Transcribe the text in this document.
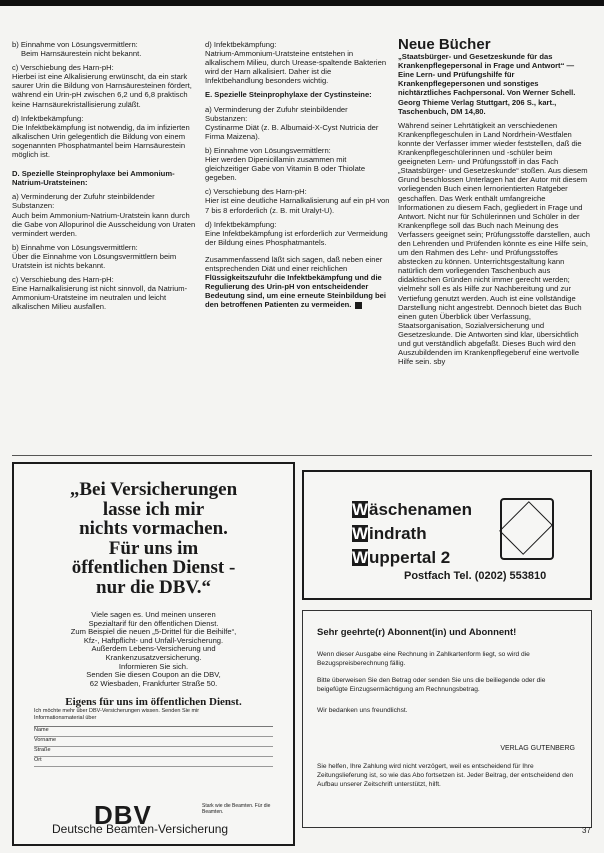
b) Einnahme von Lösungsvermittlern:
Beim Harnsäurestein nicht bekannt.

c) Verschiebung des Harn-pH:
Hierbei ist eine Alkalisierung erwünscht, da ein stark saurer Urin die Bildung von Harnsäuresteinen fördert, während ein Urin-pH zwischen 6,2 und 6,8 praktisch keine Harnsäurekristallisierung zuläßt.

d) Infektbekämpfung:
Die Infektbekämpfung ist notwendig, da im infizierten alkalischen Urin gelegentlich die Bildung von einem sogenannten Phosphatmantel beim Harnsäurestein möglich ist.

D. Spezielle Steinprophylaxe bei Ammonium-Natrium-Uratsteinen:

a) Verminderung der Zufuhr steinbildender Substanzen:
Auch beim Ammonium-Natrium-Uratstein kann durch die Gabe von Allopurinol die Ausscheidung von Uraten vermindert werden.

b) Einnahme von Lösungsvermittlern:
Über die Einnahme von Lösungsvermittlern beim Uratstein ist nichts bekannt.

c) Verschiebung des Harn-pH:
Eine Harnalkalisierung ist nicht sinnvoll, da Natrium-Ammonium-Uratsteine im neutralen und leicht alkalischen Milieu ausfallen.

d) Infektbekämpfung:
Natrium-Ammonium-Uratsteine entstehen in alkalischem Milieu, durch Urease-spaltende Bakterien wird der Harn alkalisiert. Daher ist die Infektbehandlung besonders wichtig.

E. Spezielle Steinprophylaxe der Cystinsteine:

a) Verminderung der Zufuhr steinbildender Substanzen:
Cystinarme Diät (z. B. Albumaid-X-Cyst Nutricia der Firma Maizena).

b) Einnahme von Lösungsvermittlern:
Hier werden Dipenicillamin zusammen mit gleichzeitiger Gabe von Vitamin B oder Thiolate gegeben.

c) Verschiebung des Harn-pH:
Hier ist eine deutliche Harnalkalisierung auf ein pH von 7 bis 8 erforderlich (z. B. mit Uralyt-U).

d) Infektbekämpfung:
Eine Infektbekämpfung ist erforderlich zur Vermeidung der Bildung eines Phosphatmantels.

Zusammenfassend läßt sich sagen, daß neben einer entsprechenden Diät und einer reichlichen Flüssigkeitszufuhr die Infektbekämpfung und die Regulierung des Urin-pH von entscheidender Bedeutung sind, um eine erneute Steinbildung bei den betroffenen Patienten zu vermeiden.

Neue Bücher

„Staatsbürger- und Gesetzeskunde für das Krankenpflegepersonal in Frage und Antwort“ — Eine Lern- und Prüfungshilfe für Krankenpflegepersonen und sonstiges nichtärztliches Fachpersonal. Von Werner Schell. Georg Thieme Verlag Stuttgart, 206 S., kart., Taschenbuch, DM 14,80.

Während seiner Lehrtätigkeit an verschiedenen Krankenpflegeschulen in Land Nordrhein-Westfalen konnte der Verfasser immer wieder feststellen, daß die Krankenpflegeschülerinnen und -schüler beim geeigneten Lern- und Prüfungsstoff in das Fach „Staatsbürger- und Gesetzeskunde“ stoßen. Aus diesem Grund beschlossen Unterlagen hat der Autor mit diesem vorliegenden Buch einen lernorientierten Ratgeber geschaffen. Das Werk enthält umfangreiche Informationen zu diesem Fach, gegliedert in Frage und Antwort. Nicht nur für Schülerinnen und Schüler in der Krankenpflege soll das Buch nach Meinung des Verfassers geeignet sein; Prüfungsstoffe darstellen, auch den Lehrenden und Prüfenden könnte es eine Hilfe sein, um den Rahmen des Lehr- und Prüfungsstoffes abstecken zu können. Unterrichtsgestaltung kann natürlich dem vorliegenden Taschenbuch aus didaktischen Gründen nicht immer gerecht werden; vielmehr soll es als Hilfe zur Nachbereitung und zur Vertiefung genutzt werden. Auch ist eine vollständige Darstellung nicht angestrebt. Dennoch bietet das Buch einen guten Überblick über Verfassung, Staatsorganisation, Sozialversicherung und Gesetzeskunde. Die Antworten sind klar, übersichtlich und gut verständlich abgefaßt. Dieses Buch wird den Auszubildenden im Krankenpflegeberuf eine wertvolle Hilfe sein. sby

„Bei Versicherungen
lasse ich mir
nichts vormachen.
Für uns im
öffentlichen Dienst -
nur die DBV.“
Viele sagen es. Und meinen unseren
Spezialtarif für den öffentlichen Dienst.
Zum Beispiel die neuen „5-Drittel für die Beihilfe“,
Kfz-, Haftpflicht- und Unfall-Versicherung.
Außerdem Lebens-Versicherung und
Krankenzusatzversicherung.
Informieren Sie sich.
Senden Sie diesen Coupon an die DBV,
62 Wiesbaden, Frankfurter Straße 50.
Eigens für uns im öffentlichen Dienst.
Ich möchte mehr über DBV-Versicherungen wissen. Senden Sie mir
Informationsmaterial über
Name
Vorname
Straße
Ort
DBV
Deutsche Beamten-Versicherung
Stark wie die Beamten. Für die Beamten.
Wäschenamen
Windrath
Wuppertal 2
Postfach Tel. (0202) 553810
Sehr geehrte(r) Abonnent(in) und Abonnent!
Wenn dieser Ausgabe eine Rechnung in Zahlkartenform liegt, so wird die Bezugspreisberechnung fällig.
Bitte überweisen Sie den Betrag oder senden Sie uns die beiliegende oder die beigefügte Einzugsermächtigung am Rechnungsbetrag.
Wir bedanken uns freundlichst.
VERLAG GUTENBERG
Sie helfen, Ihre Zahlung wird nicht verzögert, weil es entscheidend für Ihre Zeitungslieferung ist, so wie das Abo fortsetzen ist. Jeder Beitrag, der entscheidend den Aufbau unserer Zeitschrift unterstützt, hilft.
37
